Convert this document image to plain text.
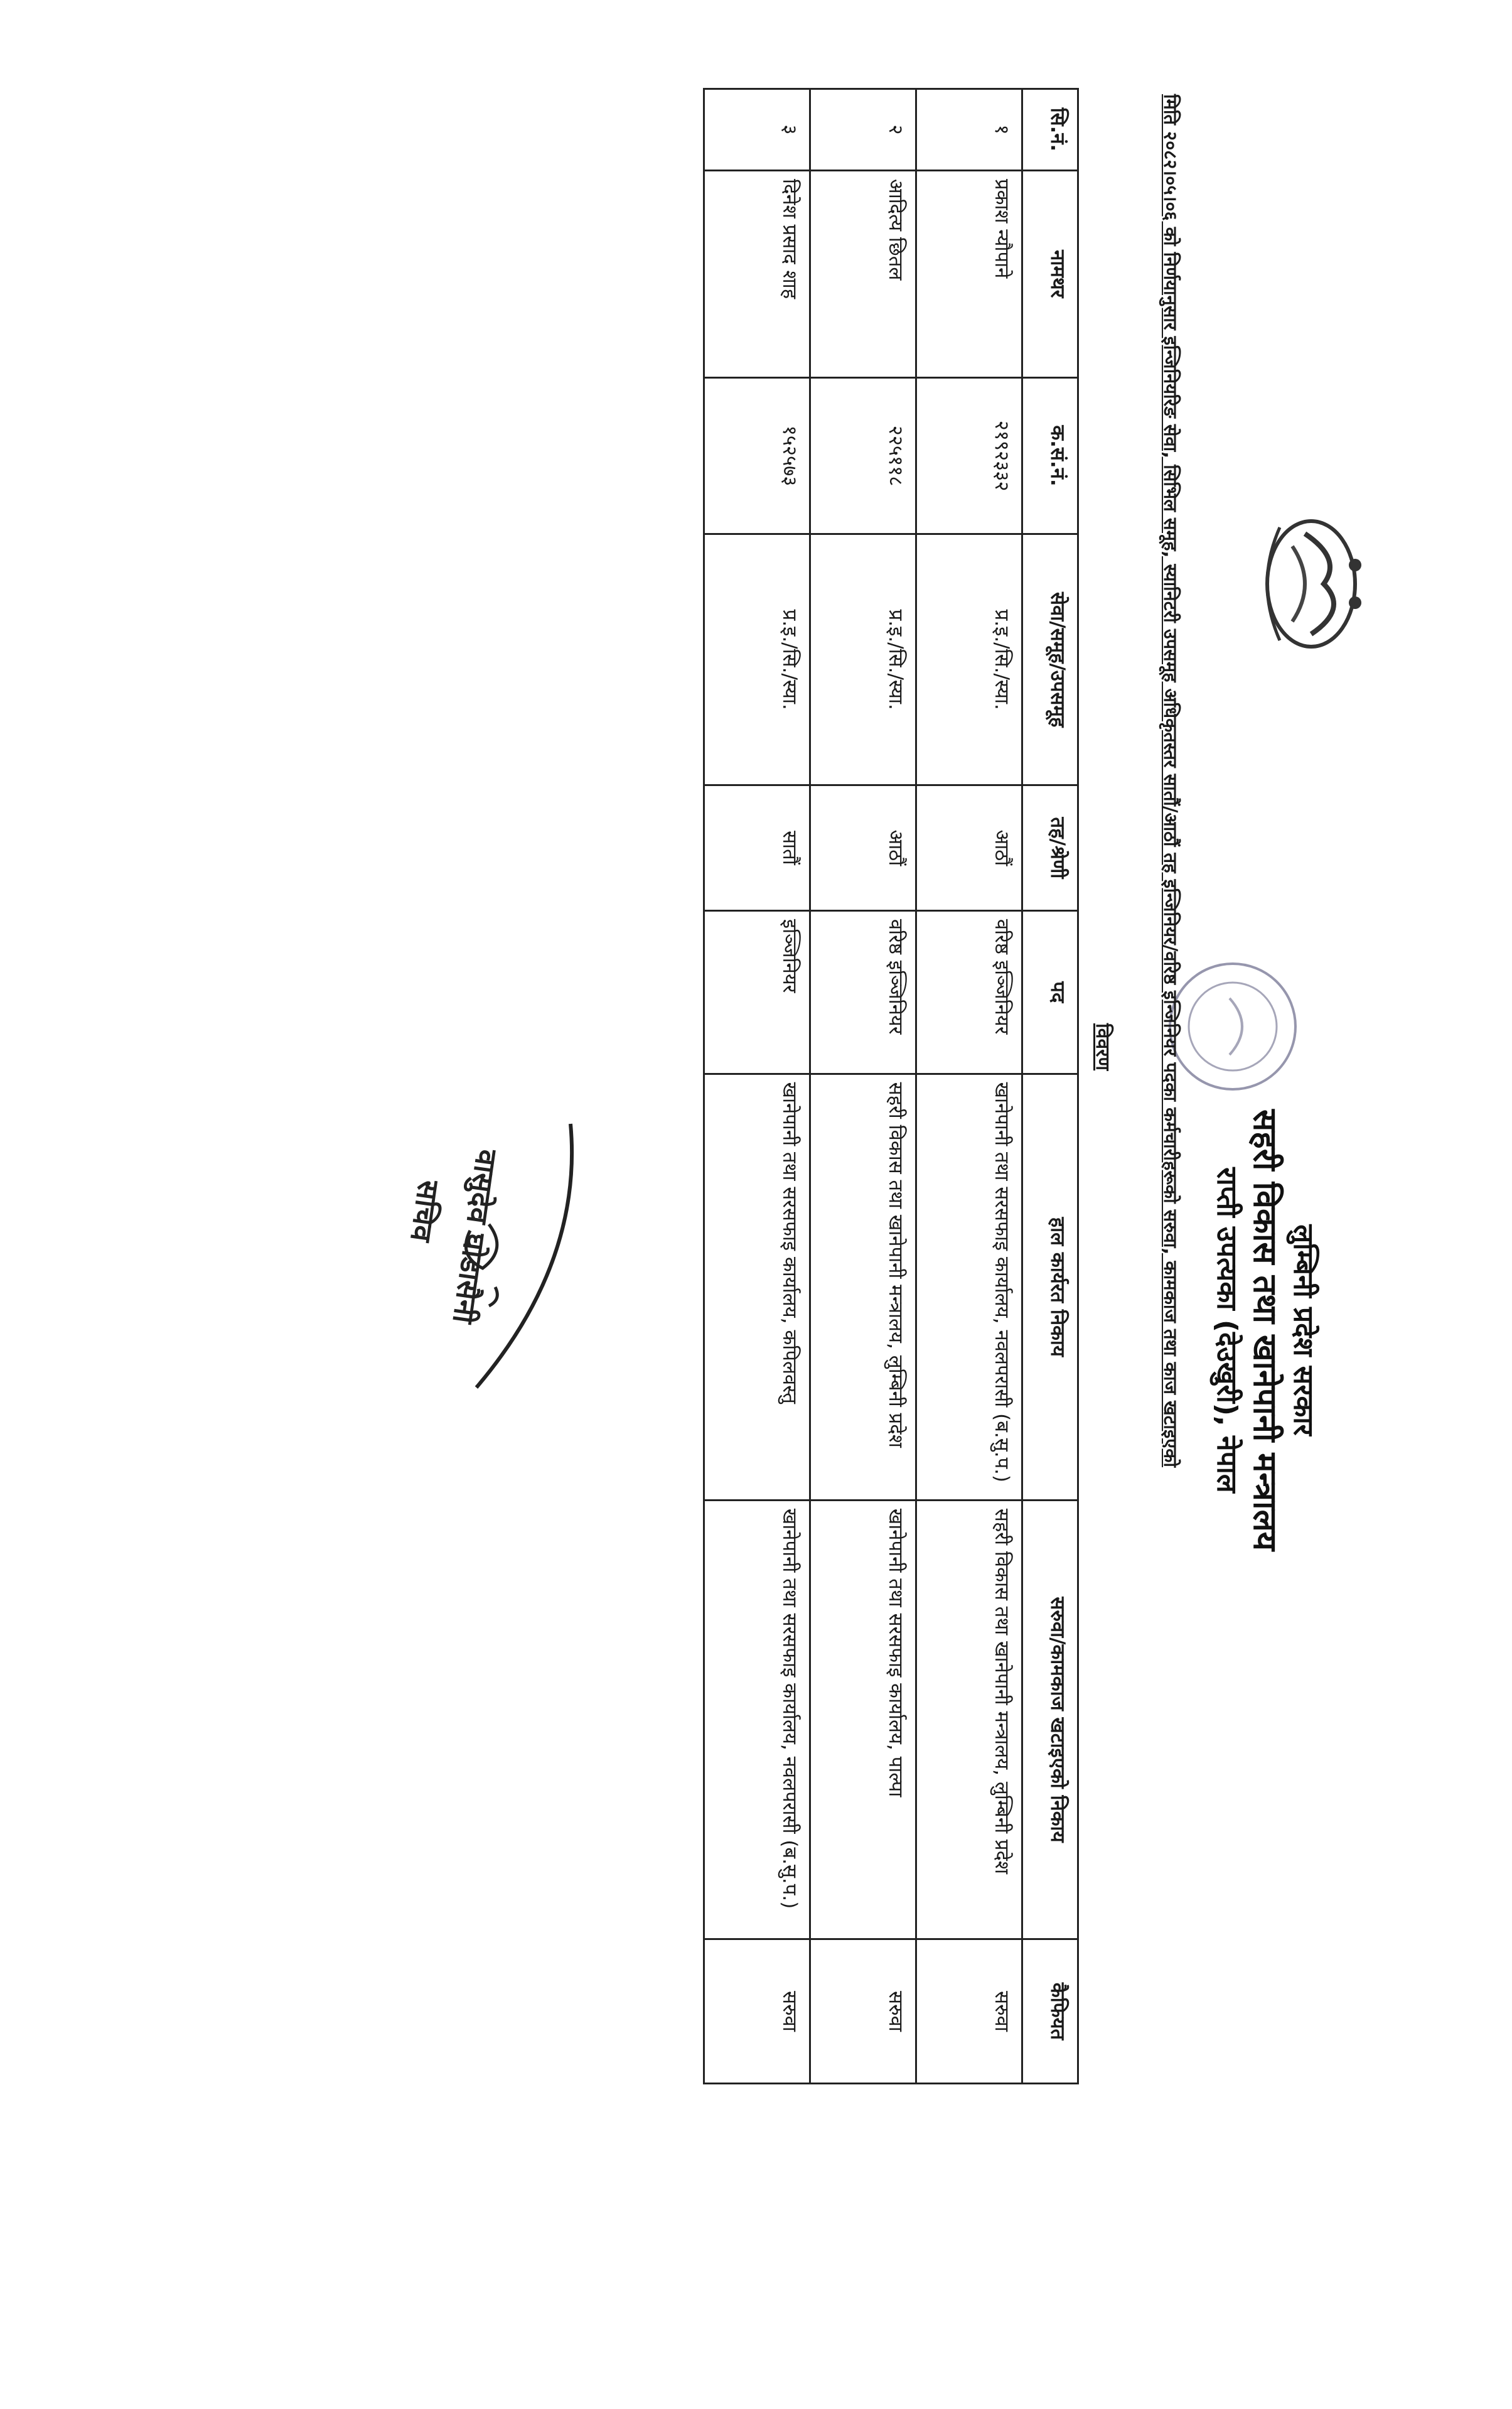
लुम्बिनी प्रदेश सरकार
सहरी विकास तथा खानेपानी मन्त्रालय
राप्ती उपत्यका (देउखुरी), नेपाल
मिति २०८२।०५।०६ को निर्णयानुसार इन्जिनियरिङ सेवा, सिभिल समूह, स्यानिटरी उपसमूह अधिकृतस्तर सातौं/आठौं तह इन्जिनियर/वरिष्ठ इन्जिनियर पदका कर्मचारीहरूको सरुवा, कामकाज तथा काज खटाइएको
विवरण
सि.नं.	नामथर	क.सं.नं.	सेवा/समूह/उपसमूह	तह/श्रेणी	पद	हाल कार्यरत निकाय	सरुवा/कामकाज खटाइएको निकाय	कैफियत
१	प्रकाश न्यौपाने	२१९२३३२	प्र.इ./सि./स्या.	आठौं	वरिष्ठ इञ्जिनियर	खानेपानी तथा सरसफाइ कार्यालय, नवलपरासी (ब.सु.प.)	सहरी विकास तथा खानेपानी मन्त्रालय, लुम्बिनी प्रदेश	सरुवा
२	आदित्य छितल	२२५११८	प्र.इ./सि./स्या.	आठौं	वरिष्ठ इञ्जिनियर	सहरी विकास तथा खानेपानी मन्त्रालय, लुम्बिनी प्रदेश	खानेपानी तथा सरसफाइ कार्यालय, पाल्पा	सरुवा
३	दिनेश प्रसाद शाह	१५२५७३	प्र.इ./सि./स्या.	सातौं	इञ्जिनियर	खानेपानी तथा सरसफाइ कार्यालय, कपिलवस्तु	खानेपानी तथा सरसफाइ कार्यालय, नवलपरासी (ब.सु.प.)	सरुवा
वासुदेव घोडासैनी
सचिव
